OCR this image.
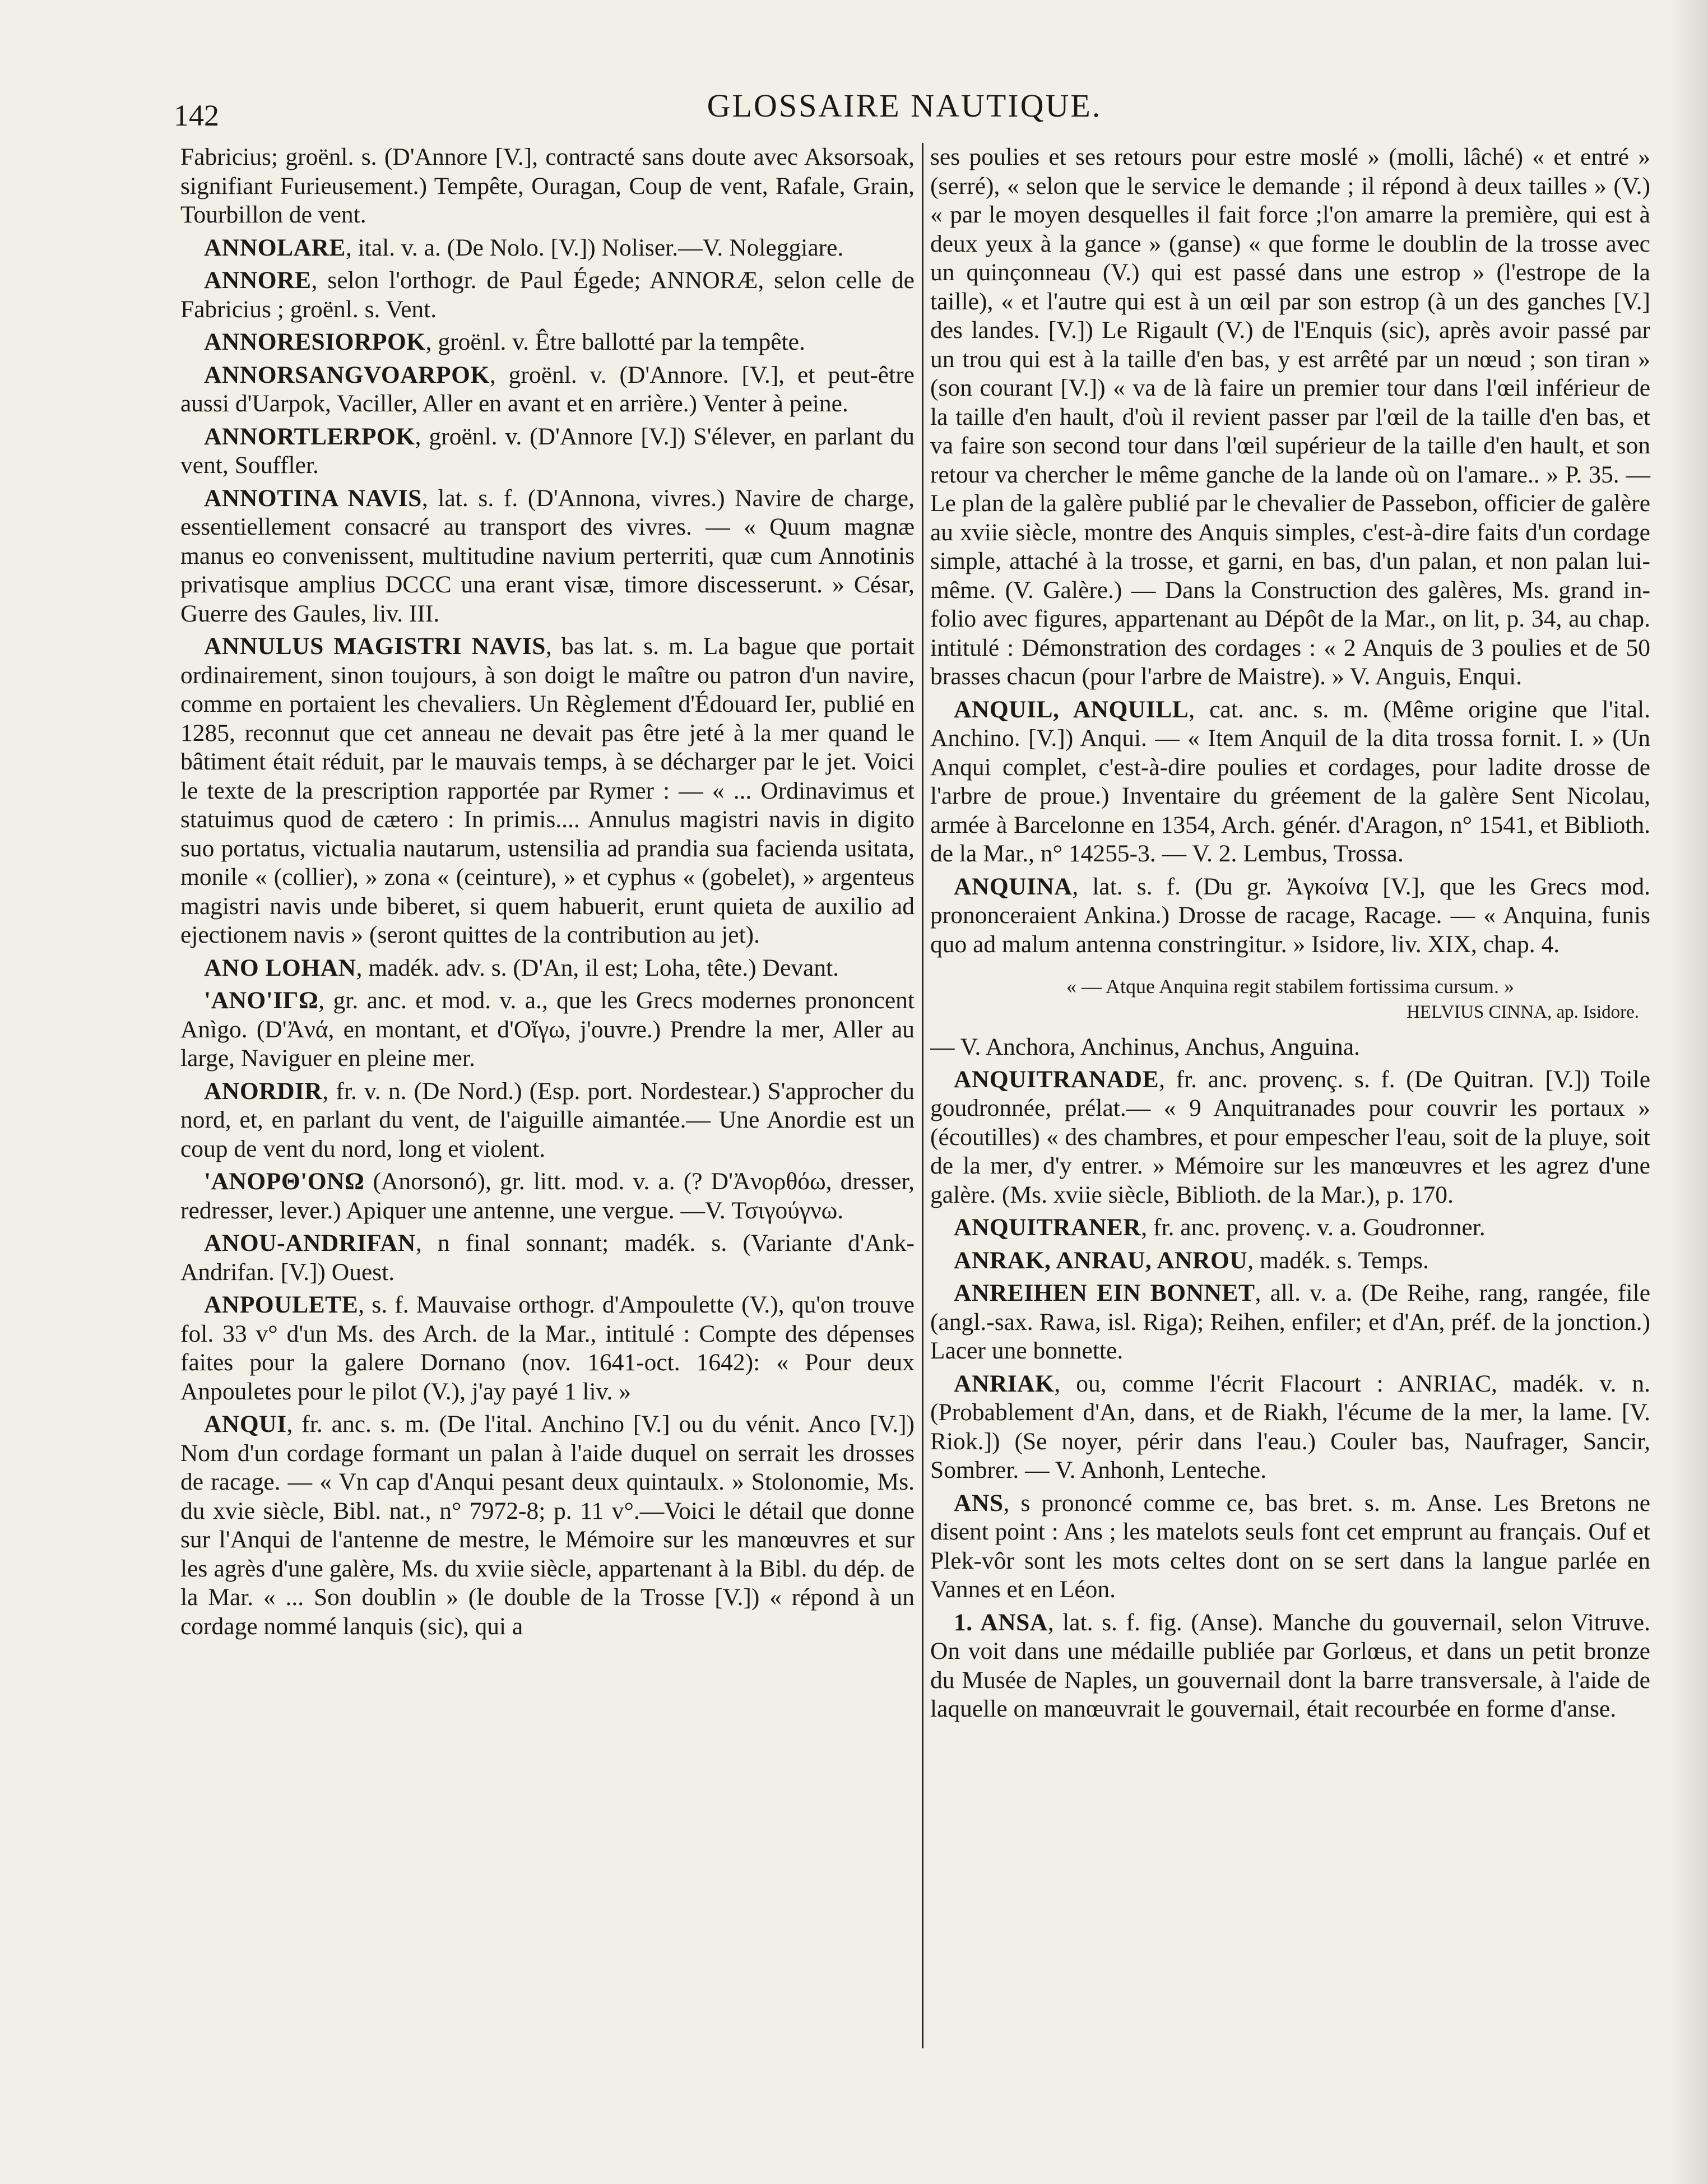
142	GLOSSAIRE NAUTIQUE.

Fabricius; groënl. s. (D'Annore [V.], contracté sans doute avec Aksorsoak, signifiant Furieusement.) Tempête, Ouragan, Coup de vent, Rafale, Grain, Tourbillon de vent.

ANNOLARE, ital. v. a. (De Nolo. [V.]) Noliser.—V. Noleggiare.

ANNORE, selon l'orthogr. de Paul Égede; ANNORÆ, selon celle de Fabricius ; groënl. s. Vent.

ANNORESIORPOK, groënl. v. Être ballotté par la tempête.

ANNORSANGVOARPOK, groënl. v. (D'Annore. [V.], et peut-être aussi d'Uarpok, Vaciller, Aller en avant et en arrière.) Venter à peine.

ANNORTLERPOK, groënl. v. (D'Annore [V.]) S'élever, en parlant du vent, Souffler.

ANNOTINA NAVIS, lat. s. f. (D'Annona, vivres.) Navire de charge, essentiellement consacré au transport des vivres. — « Quum magnæ manus eo convenissent, multitudine navium perterriti, quæ cum Annotinis privatisque amplius DCCC una erant visæ, timore discesserunt. » César, Guerre des Gaules, liv. III.

ANNULUS MAGISTRI NAVIS, bas lat. s. m. La bague que portait ordinairement, sinon toujours, à son doigt le maître ou patron d'un navire, comme en portaient les chevaliers. Un Règlement d'Édouard Ier, publié en 1285, reconnut que cet anneau ne devait pas être jeté à la mer quand le bâtiment était réduit, par le mauvais temps, à se décharger par le jet. Voici le texte de la prescription rapportée par Rymer : — « ... Ordinavimus et statuimus quod de cætero : In primis.... Annulus magistri navis in digito suo portatus, victualia nautarum, ustensilia ad prandia sua facienda usitata, monile « (collier), » zona « (ceinture), » et cyphus « (gobelet), » argenteus magistri navis unde biberet, si quem habuerit, erunt quieta de auxilio ad ejectionem navis » (seront quittes de la contribution au jet).

ANO LOHAN, madék. adv. s. (D'An, il est; Loha, tête.) Devant.

'ΑΝΟ'ΙΓΩ, gr. anc. et mod. v. a., que les Grecs modernes prononcent Anìgo. (D'Ἀνά, en montant, et d'Οἴγω, j'ouvre.) Prendre la mer, Aller au large, Naviguer en pleine mer.

ANORDIR, fr. v. n. (De Nord.) (Esp. port. Nordestear.) S'approcher du nord, et, en parlant du vent, de l'aiguille aimantée.— Une Anordie est un coup de vent du nord, long et violent.

'ΑΝΟΡΘ'ΟΝΩ (Anorsonó), gr. litt. mod. v. a. (? D'Ἀνορθόω, dresser, redresser, lever.) Apiquer une antenne, une vergue. —V. Τσιγούγνω.

ANOU-ANDRIFAN, n final sonnant; madék. s. (Variante d'Ank-Andrifan. [V.]) Ouest.

ANPOULETE, s. f. Mauvaise orthogr. d'Ampoulette (V.), qu'on trouve fol. 33 v° d'un Ms. des Arch. de la Mar., intitulé : Compte des dépenses faites pour la galere Dornano (nov. 1641-oct. 1642): « Pour deux Anpouletes pour le pilot (V.), j'ay payé 1 liv. »

ANQUI, fr. anc. s. m. (De l'ital. Anchino [V.] ou du vénit. Anco [V.]) Nom d'un cordage formant un palan à l'aide duquel on serrait les drosses de racage. — « Vn cap d'Anqui pesant deux quintaulx. » Stolonomie, Ms. du xvie siècle, Bibl. nat., n° 7972-8; p. 11 v°.—Voici le détail que donne sur l'Anqui de l'antenne de mestre, le Mémoire sur les manœuvres et sur les agrès d'une galère, Ms. du xviie siècle, appartenant à la Bibl. du dép. de la Mar. « ... Son doublin » (le double de la Trosse [V.]) « répond à un cordage nommé lanquis (sic), qui a

ses poulies et ses retours pour estre moslé » (molli, lâché) « et entré » (serré), « selon que le service le demande ; il répond à deux tailles » (V.) « par le moyen desquelles il fait force ;l'on amarre la première, qui est à deux yeux à la gance » (ganse) « que forme le doublin de la trosse avec un quinçonneau (V.) qui est passé dans une estrop » (l'estrope de la taille), « et l'autre qui est à un œil par son estrop (à un des ganches [V.] des landes. [V.]) Le Rigault (V.) de l'Enquis (sic), après avoir passé par un trou qui est à la taille d'en bas, y est arrêté par un nœud ; son tiran » (son courant [V.]) « va de là faire un premier tour dans l'œil inférieur de la taille d'en hault, d'où il revient passer par l'œil de la taille d'en bas, et va faire son second tour dans l'œil supérieur de la taille d'en hault, et son retour va chercher le même ganche de la lande où on l'amare.. » P. 35. — Le plan de la galère publié par le chevalier de Passebon, officier de galère au xviie siècle, montre des Anquis simples, c'est-à-dire faits d'un cordage simple, attaché à la trosse, et garni, en bas, d'un palan, et non palan lui-même. (V. Galère.) — Dans la Construction des galères, Ms. grand in-folio avec figures, appartenant au Dépôt de la Mar., on lit, p. 34, au chap. intitulé : Démonstration des cordages : « 2 Anquis de 3 poulies et de 50 brasses chacun (pour l'arbre de Maistre). » V. Anguis, Enqui.

ANQUIL, ANQUILL, cat. anc. s. m. (Même origine que l'ital. Anchino. [V.]) Anqui. — « Item Anquil de la dita trossa fornit. I. » (Un Anqui complet, c'est-à-dire poulies et cordages, pour ladite drosse de l'arbre de proue.) Inventaire du gréement de la galère Sent Nicolau, armée à Barcelonne en 1354, Arch. génér. d'Aragon, n° 1541, et Biblioth. de la Mar., n° 14255-3. — V. 2. Lembus, Trossa.

ANQUINA, lat. s. f. (Du gr. Ἀγκοίνα [V.], que les Grecs mod. prononceraient Ankina.) Drosse de racage, Racage. — « Anquina, funis quo ad malum antenna constringitur. » Isidore, liv. XIX, chap. 4.

« — Atque Anquina regit stabilem fortissima cursum. »
HELVIUS CINNA, ap. Isidore.

— V. Anchora, Anchinus, Anchus, Anguina.

ANQUITRANADE, fr. anc. provenç. s. f. (De Quitran. [V.]) Toile goudronnée, prélat.— « 9 Anquitranades pour couvrir les portaux » (écoutilles) « des chambres, et pour empescher l'eau, soit de la pluye, soit de la mer, d'y entrer. » Mémoire sur les manœuvres et les agrez d'une galère. (Ms. xviie siècle, Biblioth. de la Mar.), p. 170.

ANQUITRANER, fr. anc. provenç. v. a. Goudronner.

ANRAK, ANRAU, ANROU, madék. s. Temps.

ANREIHEN EIN BONNET, all. v. a. (De Reihe, rang, rangée, file (angl.-sax. Rawa, isl. Riga); Reihen, enfiler; et d'An, préf. de la jonction.) Lacer une bonnette.

ANRIAK, ou, comme l'écrit Flacourt : ANRIAC, madék. v. n. (Probablement d'An, dans, et de Riakh, l'écume de la mer, la lame. [V. Riok.]) (Se noyer, périr dans l'eau.) Couler bas, Naufrager, Sancir, Sombrer. — V. Anhonh, Lenteche.

ANS, s prononcé comme ce, bas bret. s. m. Anse. Les Bretons ne disent point : Ans ; les matelots seuls font cet emprunt au français. Ouf et Plek-vôr sont les mots celtes dont on se sert dans la langue parlée en Vannes et en Léon.

1. ANSA, lat. s. f. fig. (Anse). Manche du gouvernail, selon Vitruve. On voit dans une médaille publiée par Gorlœus, et dans un petit bronze du Musée de Naples, un gouvernail dont la barre transversale, à l'aide de laquelle on manœuvrait le gouvernail, était recourbée en forme d'anse.
